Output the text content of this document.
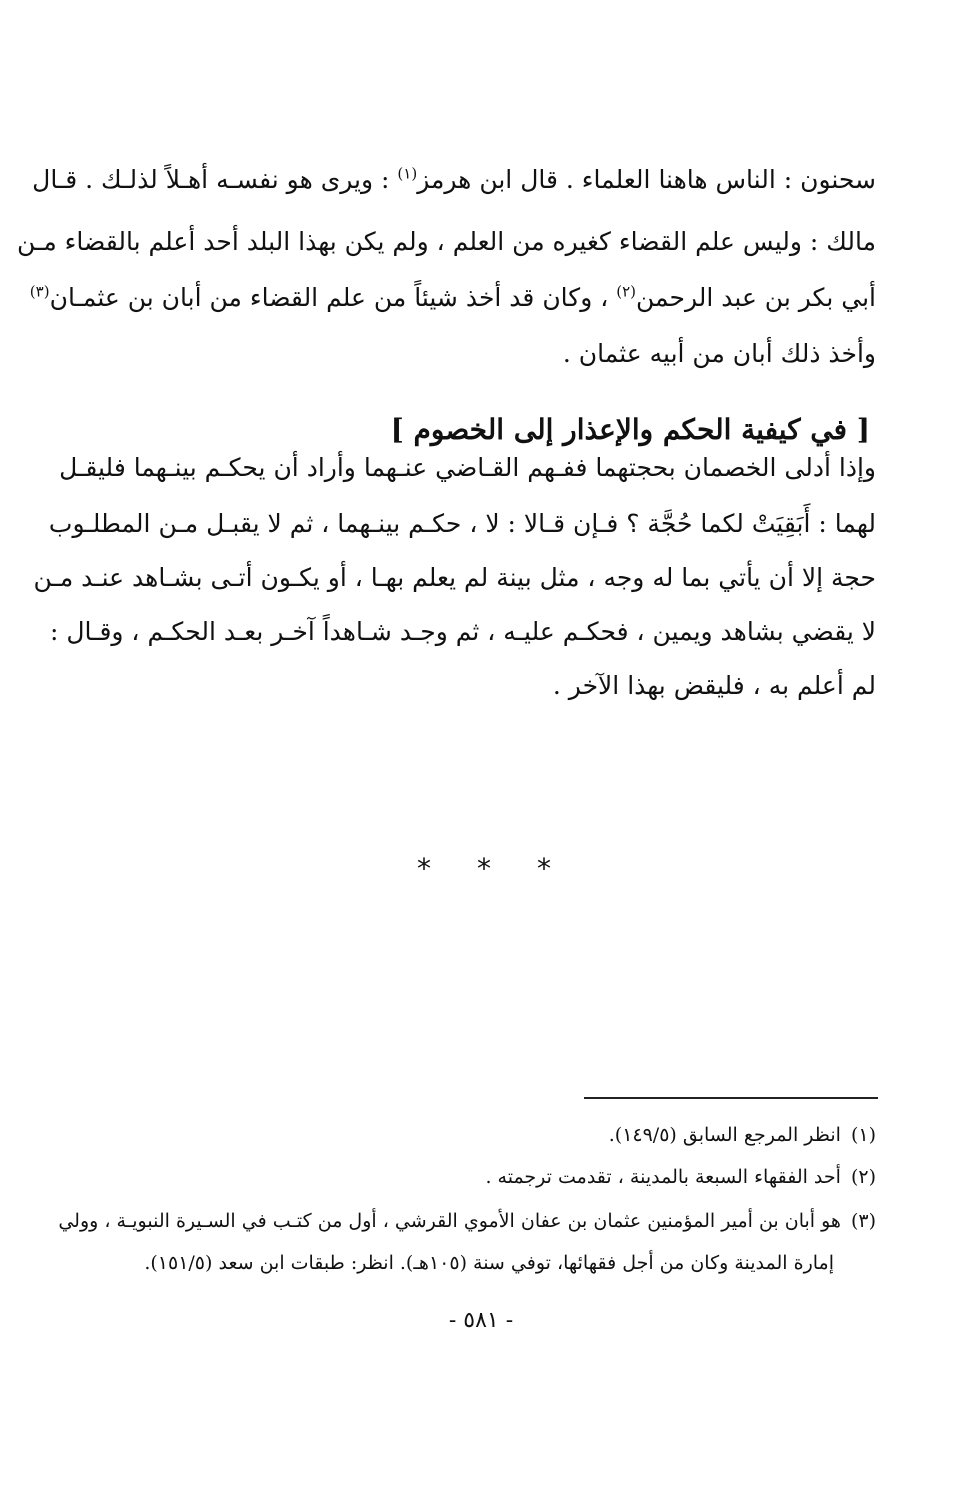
سحنون : الناس هاهنا العلماء . قال ابن هرمز$^{(١)}$ : ويرى هو نفسـه أهـلاً لذلـك . قـال
مالك : وليس علم القضاء كغيره من العلم ، ولم يكن بهذا البلد أحد أعلم بالقضاء مـن
أبي بكر بن عبد الرحمن$^{(٢)}$ ، وكان قد أخذ شيئاً من علم القضاء من أبان بن عثمـان$^{(٣)}$
وأخذ ذلك أبان من أبيه عثمان .
[ في كيفية الحكم والإعذار إلى الخصوم ]
وإذا أدلى الخصمان بحجتهما ففـهم القـاضي عنـهما وأراد أن يحكـم بينـهما فليقـل
لهما : أَبَقِيَتْ لكما حُجَّة ؟ فـإن قـالا : لا ، حكـم بينـهما ، ثم لا يقبـل مـن المطلـوب
حجة إلا أن يأتي بما له وجه ، مثل بينة لم يعلم بهـا ، أو يكـون أتـى بشـاهد عنـد مـن
لا يقضي بشاهد ويمين ، فحكـم عليـه ، ثم وجـد شـاهداً آخـر بعـد الحكـم ، وقـال :
لم أعلم به ، فليقض بهذا الآخر .
* * *
(١)انظر المرجع السابق (١٤٩/٥).
(٢)أحد الفقهاء السبعة بالمدينة ، تقدمت ترجمته .
(٣)هو أبان بن أمير المؤمنين عثمان بن عفان الأموي القرشي ، أول من كتـب في السـيرة النبويـة ، وولي
إمارة المدينة وكان من أجل فقهائها، توفي سنة (١٠٥هـ). انظر: طبقات ابن سعد (١٥١/٥).
- ٥٨١ -
